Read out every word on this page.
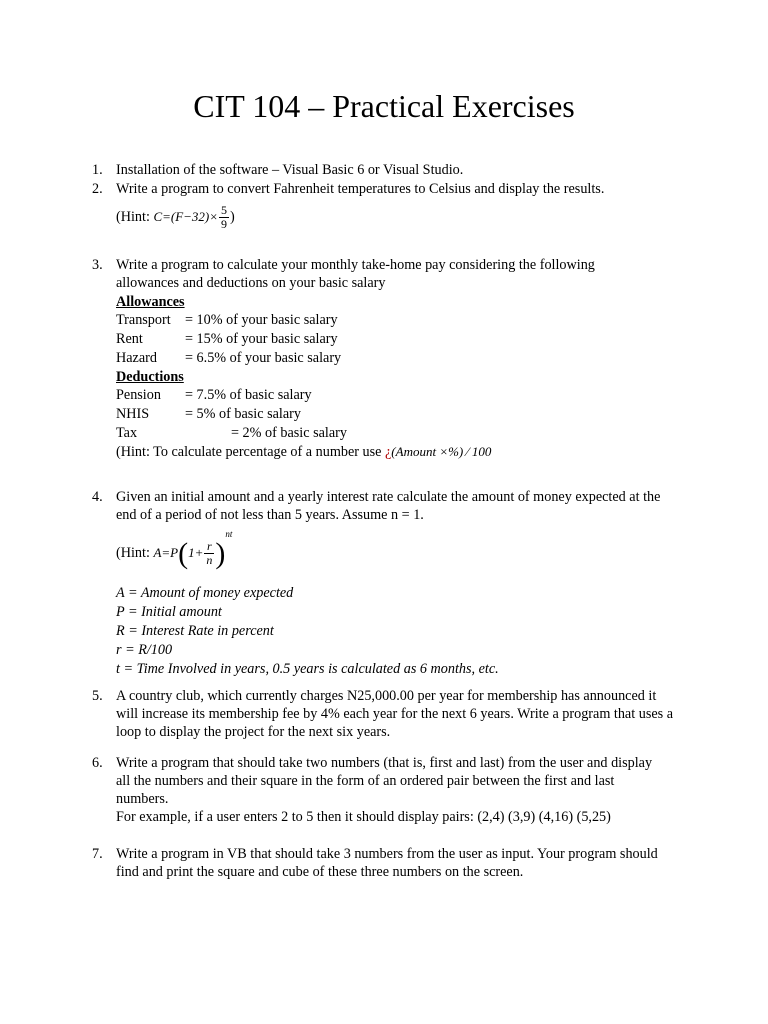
CIT 104 – Practical Exercises
1. Installation of the software – Visual Basic 6 or Visual Studio.
2. Write a program to convert Fahrenheit temperatures to Celsius and display the results.
(Hint: $C=(F-32)\times \frac{5}{9}$ )
3. Write a program to calculate your monthly take-home pay considering the following allowances and deductions on your basic salary
Allowances
Transport = 10% of your basic salary
Rent	= 15% of your basic salary
Hazard = 6.5% of your basic salary
Deductions
Pension = 7.5% of basic salary
NHIS	= 5% of basic salary
Tax	= 2% of basic salary
(Hint: To calculate percentage of a number use ¿(Amount ×%) ∕ 100
4. Given an initial amount and a yearly interest rate calculate the amount of money expected at the end of a period of not less than 5 years. Assume n = 1.
(Hint: $A=P(1+ \frac{r}{n} )^{nt}$
A = Amount of money expected
P = Initial amount
R = Interest Rate in percent
r = R/100
t = Time Involved in years, 0.5 years is calculated as 6 months, etc.
5. A country club, which currently charges N25,000.00 per year for membership has announced it will increase its membership fee by 4% each year for the next 6 years. Write a program that uses a loop to display the project for the next six years.
6. Write a program that should take two numbers (that is, first and last) from the user and display all the numbers and their square in the form of an ordered pair between the first and last numbers.
For example, if a user enters 2 to 5 then it should display pairs: (2,4) (3,9) (4,16) (5,25)
7. Write a program in VB that should take 3 numbers from the user as input. Your program should find and print the square and cube of these three numbers on the screen.
